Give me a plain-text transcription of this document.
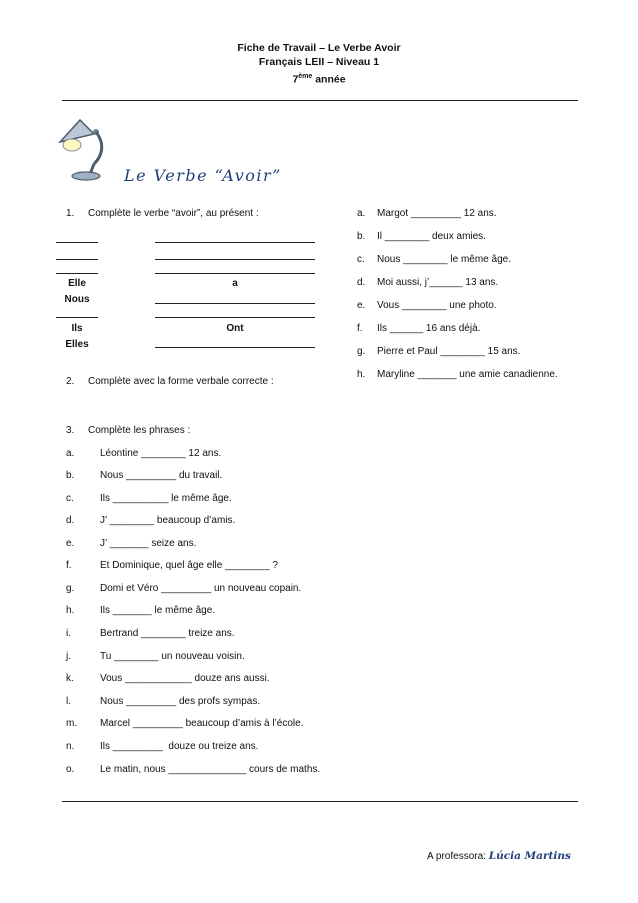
Fiche de Travail – Le Verbe Avoir
Français LEII – Niveau 1
7ème année
Le Verbe “Avoir”
1. Complète le verbe “avoir”, au présent :
Elle	a
Nous
Ils	Ont
Elles
2. Complète avec la forme verbale correcte :
a. Margot _________ 12 ans.
b. Il ________ deux amies.
c. Nous ________ le même âge.
d. Moi aussi, j’______ 13 ans.
e. Vous ________ une photo.
f. Ils ______ 16 ans déjà.
g. Pierre et Paul ________ 15 ans.
h. Maryline _______ une amie canadienne.
3. Complète les phrases :
a.	Léontine ________ 12 ans.
b.	Nous _________ du travail.
c.	Ils __________ le même âge.
d.	J’ ________ beaucoup d’amis.
e.	J’ _______ seize ans.
f.	Et Dominique, quel âge elle ________ ?
g.	Domi et Véro _________ un nouveau copain.
h.	Ils _______ le même âge.
i.	Bertrand ________ treize ans.
j.	Tu ________ un nouveau voisin.
k.	Vous ____________ douze ans aussi.
l.	Nous _________ des profs sympas.
m. Marcel _________ beaucoup d’amis à l’école.
n.	Ils _________  douze ou treize ans.
o.	Le matin, nous ______________ cours de maths.
A professora: Lúcia Martins
